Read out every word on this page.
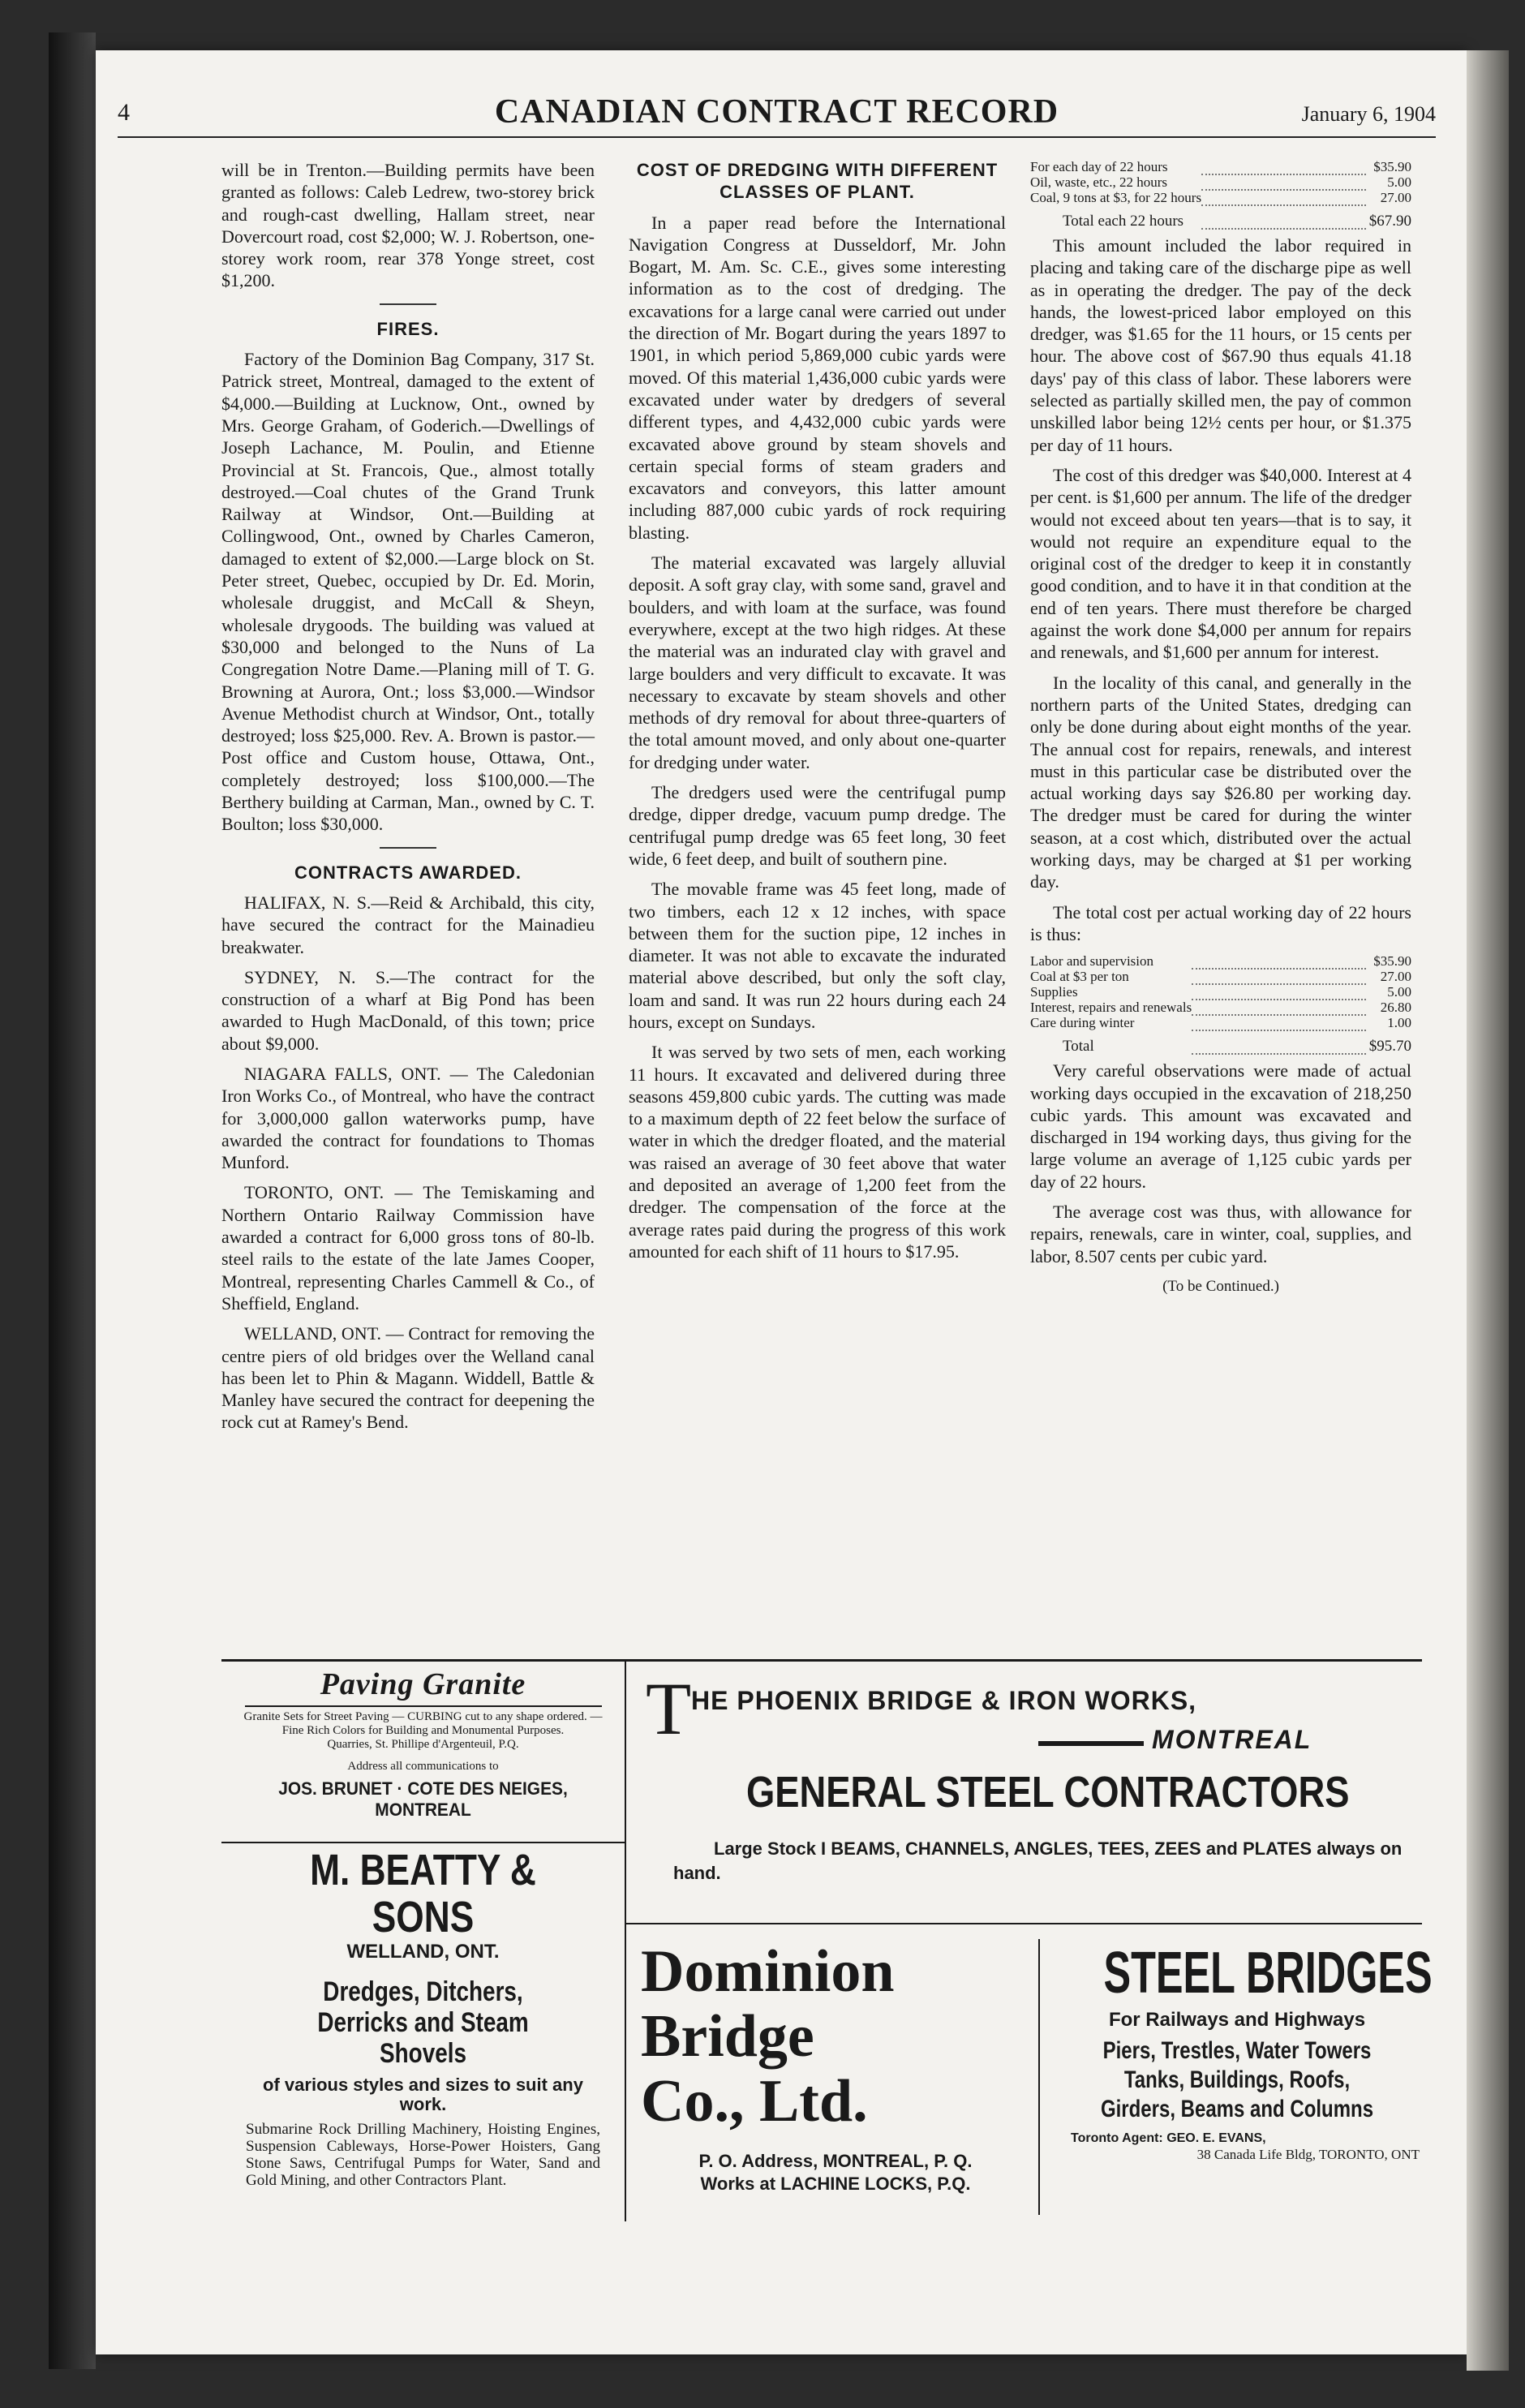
4	CANADIAN CONTRACT RECORD	January 6, 1904

will be in Trenton.—Building permits have been granted as follows: Caleb Ledrew, two-storey brick and rough-cast dwelling, Hallam street, near Dovercourt road, cost $2,000; W. J. Robertson, one-storey work room, rear 378 Yonge street, cost $1,200.

FIRES.

Factory of the Dominion Bag Company, 317 St. Patrick street, Montreal, damaged to the extent of $4,000.—Building at Lucknow, Ont., owned by Mrs. George Graham, of Goderich.—Dwellings of Joseph Lachance, M. Poulin, and Etienne Provincial at St. Francois, Que., almost totally destroyed.—Coal chutes of the Grand Trunk Railway at Windsor, Ont.—Building at Collingwood, Ont., owned by Charles Cameron, damaged to extent of $2,000.—Large block on St. Peter street, Quebec, occupied by Dr. Ed. Morin, wholesale druggist, and McCall & Sheyn, wholesale drygoods. The building was valued at $30,000 and belonged to the Nuns of La Congregation Notre Dame.—Planing mill of T. G. Browning at Aurora, Ont.; loss $3,000.—Windsor Avenue Methodist church at Windsor, Ont., totally destroyed; loss $25,000. Rev. A. Brown is pastor.—Post office and Custom house, Ottawa, Ont., completely destroyed; loss $100,000.—The Berthery building at Carman, Man., owned by C. T. Boulton; loss $30,000.

CONTRACTS AWARDED.

HALIFAX, N. S.—Reid & Archibald, this city, have secured the contract for the Mainadieu breakwater.

SYDNEY, N. S.—The contract for the construction of a wharf at Big Pond has been awarded to Hugh MacDonald, of this town; price about $9,000.

NIAGARA FALLS, ONT. — The Caledonian Iron Works Co., of Montreal, who have the contract for 3,000,000 gallon waterworks pump, have awarded the contract for foundations to Thomas Munford.

TORONTO, ONT. — The Temiskaming and Northern Ontario Railway Commission have awarded a contract for 6,000 gross tons of 80-lb. steel rails to the estate of the late James Cooper, Montreal, representing Charles Cammell & Co., of Sheffield, England.

WELLAND, ONT. — Contract for removing the centre piers of old bridges over the Welland canal has been let to Phin & Magann. Widdell, Battle & Manley have secured the contract for deepening the rock cut at Ramey's Bend.

COST OF DREDGING WITH DIFFERENT CLASSES OF PLANT.

In a paper read before the International Navigation Congress at Dusseldorf, Mr. John Bogart, M. Am. Sc. C.E., gives some interesting information as to the cost of dredging. The excavations for a large canal were carried out under the direction of Mr. Bogart during the years 1897 to 1901, in which period 5,869,000 cubic yards were moved. Of this material 1,436,000 cubic yards were excavated under water by dredgers of several different types, and 4,432,000 cubic yards were excavated above ground by steam shovels and certain special forms of steam graders and excavators and conveyors, this latter amount including 887,000 cubic yards of rock requiring blasting.

The material excavated was largely alluvial deposit. A soft gray clay, with some sand, gravel and boulders, and with loam at the surface, was found everywhere, except at the two high ridges. At these the material was an indurated clay with gravel and large boulders and very difficult to excavate. It was necessary to excavate by steam shovels and other methods of dry removal for about three-quarters of the total amount moved, and only about one-quarter for dredging under water.

The dredgers used were the centrifugal pump dredge, dipper dredge, vacuum pump dredge. The centrifugal pump dredge was 65 feet long, 30 feet wide, 6 feet deep, and built of southern pine.

The movable frame was 45 feet long, made of two timbers, each 12 x 12 inches, with space between them for the suction pipe, 12 inches in diameter. It was not able to excavate the indurated material above described, but only the soft clay, loam and sand. It was run 22 hours during each 24 hours, except on Sundays.

It was served by two sets of men, each working 11 hours. It excavated and delivered during three seasons 459,800 cubic yards. The cutting was made to a maximum depth of 22 feet below the surface of water in which the dredger floated, and the material was raised an average of 30 feet above that water and deposited an average of 1,200 feet from the dredger. The compensation of the force at the average rates paid during the progress of this work amounted for each shift of 11 hours to $17.95.

For each day of 22 hours		$35.90
Oil, waste, etc., 22 hours		5.00
Coal, 9 tons at $3, for 22 hours		27.00
Total each 22 hours		$67.90

This amount included the labor required in placing and taking care of the discharge pipe as well as in operating the dredger. The pay of the deck hands, the lowest-priced labor employed on this dredger, was $1.65 for the 11 hours, or 15 cents per hour. The above cost of $67.90 thus equals 41.18 days' pay of this class of labor. These laborers were selected as partially skilled men, the pay of common unskilled labor being 12½ cents per hour, or $1.375 per day of 11 hours.

The cost of this dredger was $40,000. Interest at 4 per cent. is $1,600 per annum. The life of the dredger would not exceed about ten years—that is to say, it would not require an expenditure equal to the original cost of the dredger to keep it in constantly good condition, and to have it in that condition at the end of ten years. There must therefore be charged against the work done $4,000 per annum for repairs and renewals, and $1,600 per annum for interest.

In the locality of this canal, and generally in the northern parts of the United States, dredging can only be done during about eight months of the year. The annual cost for repairs, renewals, and interest must in this particular case be distributed over the actual working days say $26.80 per working day. The dredger must be cared for during the winter season, at a cost which, distributed over the actual working days, may be charged at $1 per working day.

The total cost per actual working day of 22 hours is thus:

Labor and supervision		$35.90
Coal at $3 per ton		27.00
Supplies		5.00
Interest, repairs and renewals		26.80
Care during winter		1.00
Total		$95.70

Very careful observations were made of actual working days occupied in the excavation of 218,250 cubic yards. This amount was excavated and discharged in 194 working days, thus giving for the large volume an average of 1,125 cubic yards per day of 22 hours.

The average cost was thus, with allowance for repairs, renewals, care in winter, coal, supplies, and labor, 8.507 cents per cubic yard.

(To be Continued.)
Paving Granite
Granite Sets for Street Paving — CURBING cut to any shape ordered. — Fine Rich Colors for Building and Monumental Purposes.
Quarries, St. Phillipe d'Argenteuil, P.Q.
Address all communications to
JOS. BRUNET · COTE DES NEIGES, MONTREAL
M. BEATTY & SONS
WELLAND, ONT.
Dredges, Ditchers, Derricks and Steam Shovels
of various styles and sizes to suit any work.
Submarine Rock Drilling Machinery, Hoisting Engines, Suspension Cableways, Horse-Power Hoisters, Gang Stone Saws, Centrifugal Pumps for Water, Sand and Gold Mining, and other Contractors Plant.
T HE PHOENIX BRIDGE & IRON WORKS,
MONTREAL
GENERAL STEEL CONTRACTORS
Large Stock I BEAMS, CHANNELS, ANGLES, TEES, ZEES and PLATES always on hand.
Dominion
Bridge
Co., Ltd.
P. O. Address, MONTREAL, P. Q.
Works at LACHINE LOCKS, P.Q.
STEEL BRIDGES
For Railways and Highways
Piers, Trestles, Water Towers Tanks, Buildings, Roofs, Girders, Beams and Columns
Toronto Agent: GEO. E. EVANS,
38 Canada Life Bldg, TORONTO, ONT
